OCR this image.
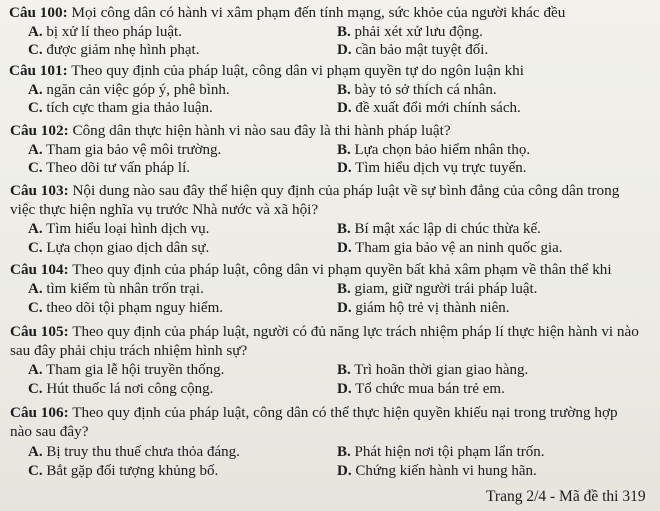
Câu 100: Mọi công dân có hành vi xâm phạm đến tính mạng, sức khỏe của người khác đều
A. bị xử lí theo pháp luật.	B. phải xét xử lưu động.
C. được giảm nhẹ hình phạt.	D. cần bảo mật tuyệt đối.
Câu 101: Theo quy định của pháp luật, công dân vi phạm quyền tự do ngôn luận khi
A. ngăn cản việc góp ý, phê bình.	B. bày tỏ sở thích cá nhân.
C. tích cực tham gia thảo luận.	D. đề xuất đổi mới chính sách.
Câu 102: Công dân thực hiện hành vi nào sau đây là thi hành pháp luật?
A. Tham gia bảo vệ môi trường.	B. Lựa chọn bảo hiểm nhân thọ.
C. Theo dõi tư vấn pháp lí.	D. Tìm hiểu dịch vụ trực tuyến.
Câu 103: Nội dung nào sau đây thể hiện quy định của pháp luật về sự bình đẳng của công dân trong
việc thực hiện nghĩa vụ trước Nhà nước và xã hội?
A. Tìm hiểu loại hình dịch vụ.	B. Bí mật xác lập di chúc thừa kế.
C. Lựa chọn giao dịch dân sự.	D. Tham gia bảo vệ an ninh quốc gia.
Câu 104: Theo quy định của pháp luật, công dân vi phạm quyền bất khả xâm phạm về thân thể khi
A. tìm kiếm tù nhân trốn trại.	B. giam, giữ người trái pháp luật.
C. theo dõi tội phạm nguy hiểm.	D. giám hộ trẻ vị thành niên.
Câu 105: Theo quy định của pháp luật, người có đủ năng lực trách nhiệm pháp lí thực hiện hành vi nào
sau đây phải chịu trách nhiệm hình sự?
A. Tham gia lễ hội truyền thống.	B. Trì hoãn thời gian giao hàng.
C. Hút thuốc lá nơi công cộng.	D. Tổ chức mua bán trẻ em.
Câu 106: Theo quy định của pháp luật, công dân có thể thực hiện quyền khiếu nại trong trường hợp
nào sau đây?
A. Bị truy thu thuế chưa thỏa đáng.	B. Phát hiện nơi tội phạm lẩn trốn.
C. Bắt gặp đối tượng khủng bố.	D. Chứng kiến hành vi hung hãn.
Trang 2/4 - Mã đề thi 319
